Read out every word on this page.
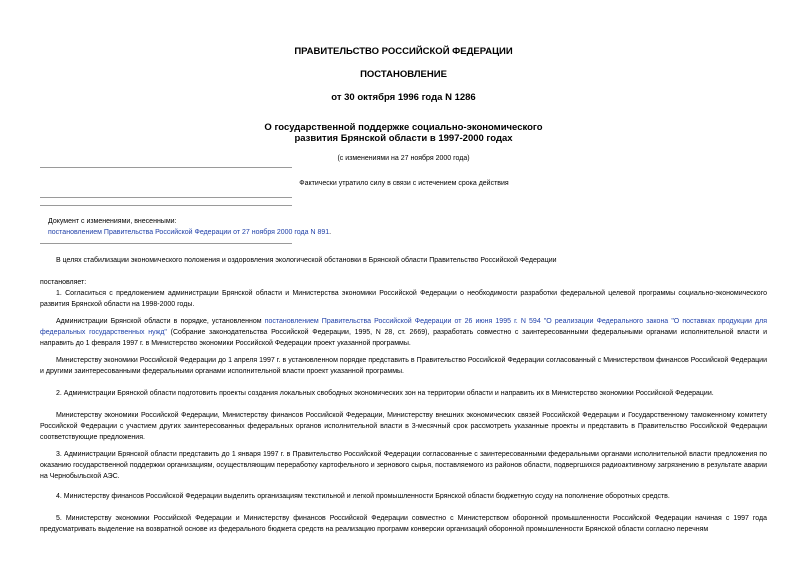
ПРАВИТЕЛЬСТВО РОССИЙСКОЙ ФЕДЕРАЦИИ
ПОСТАНОВЛЕНИЕ
от 30 октября 1996 года N 1286
О государственной поддержке социально-экономического
развития Брянской области в 1997-2000 годах
(с изменениями на 27 ноября 2000 года)
Фактически утратило силу в связи с истечением срока действия
Документ с изменениями, внесенными:
постановлением Правительства Российской Федерации от 27 ноября 2000 года N 891.

В целях стабилизации экономического положения и оздоровления экологической обстановки в Брянской области Правительство Российской Федерации

постановляет:

1. Согласиться с предложением администрации Брянской области и Министерства экономики Российской Федерации о необходимости разработки федеральной целевой программы социально-экономического развития Брянской области на 1998-2000 годы.

Администрации Брянской области в порядке, установленном постановлением Правительства Российской Федерации от 26 июня 1995 г. N 594 "О реализации Федерального закона "О поставках продукции для федеральных государственных нужд" (Собрание законодательства Российской Федерации, 1995, N 28, ст. 2669), разработать совместно с заинтересованными федеральными органами исполнительной власти и направить до 1 февраля 1997 г. в Министерство экономики Российской Федерации проект указанной программы.

Министерству экономики Российской Федерации до 1 апреля 1997 г. в установленном порядке представить в Правительство Российской Федерации согласованный с Министерством финансов Российской Федерации и другими заинтересованными федеральными органами исполнительной власти проект указанной программы.

2. Администрации Брянской области подготовить проекты создания локальных свободных экономических зон на территории области и направить их в Министерство экономики Российской Федерации.

Министерству экономики Российской Федерации, Министерству финансов Российской Федерации, Министерству внешних экономических связей Российской Федерации и Государственному таможенному комитету Российской Федерации с участием других заинтересованных федеральных органов исполнительной власти в 3-месячный срок рассмотреть указанные проекты и представить в Правительство Российской Федерации соответствующие предложения.

3. Администрации Брянской области представить до 1 января 1997 г. в Правительство Российской Федерации согласованные с заинтересованными федеральными органами исполнительной власти предложения по оказанию государственной поддержки организациям, осуществляющим переработку картофельного и зернового сырья, поставляемого из районов области, подвергшихся радиоактивному загрязнению в результате аварии на Чернобыльской АЭС.

4. Министерству финансов Российской Федерации выделить организациям текстильной и легкой промышленности Брянской области бюджетную ссуду на пополнение оборотных средств.

5. Министерству экономики Российской Федерации и Министерству финансов Российской Федерации совместно с Министерством оборонной промышленности Российской Федерации начиная с 1997 года предусматривать выделение на возвратной основе из федерального бюджета средств на реализацию программ конверсии организаций оборонной промышленности Брянской области согласно перечням
